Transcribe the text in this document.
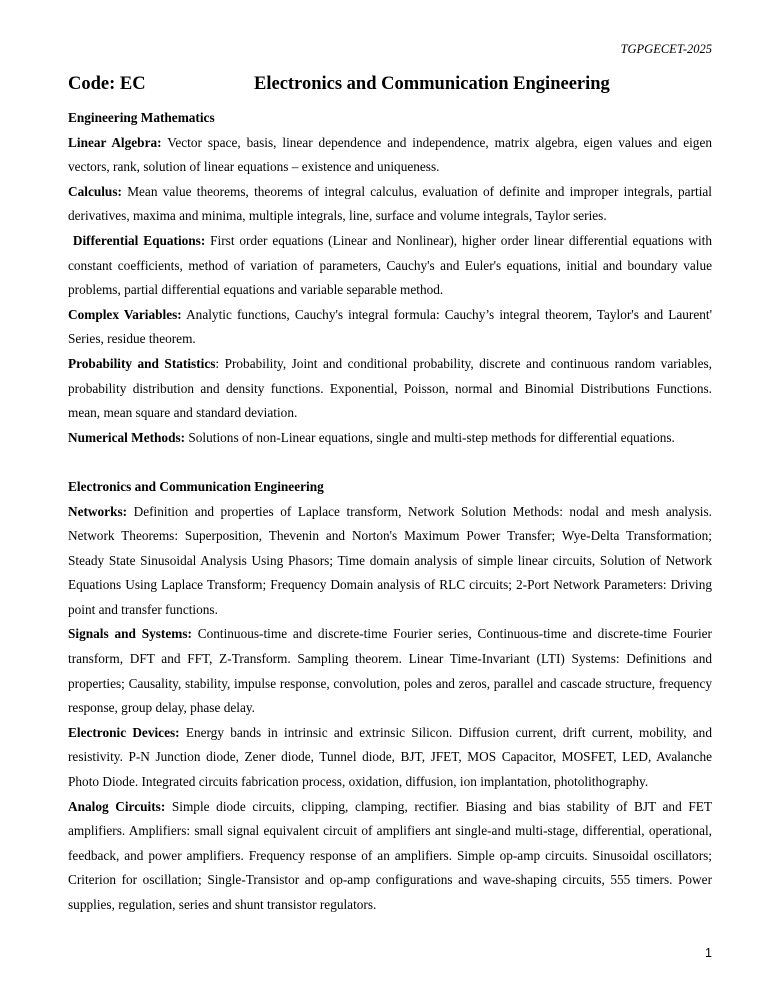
TGPGECET-2025
Code: EC	Electronics and Communication Engineering

Engineering Mathematics

Linear Algebra: Vector space, basis, linear dependence and independence, matrix algebra, eigen values and eigen vectors, rank, solution of linear equations – existence and uniqueness.

Calculus: Mean value theorems, theorems of integral calculus, evaluation of definite and improper integrals, partial derivatives, maxima and minima, multiple integrals, line, surface and volume integrals, Taylor series.

Differential Equations: First order equations (Linear and Nonlinear), higher order linear differential equations with constant coefficients, method of variation of parameters, Cauchy's and Euler's equations, initial and boundary value problems, partial differential equations and variable separable method.

Complex Variables: Analytic functions, Cauchy's integral formula: Cauchy’s integral theorem, Taylor's and Laurent' Series, residue theorem.

Probability and Statistics: Probability, Joint and conditional probability, discrete and continuous random variables, probability distribution and density functions. Exponential, Poisson, normal and Binomial Distributions Functions. mean, mean square and standard deviation.

Numerical Methods: Solutions of non-Linear equations, single and multi-step methods for differential equations.

Electronics and Communication Engineering

Networks: Definition and properties of Laplace transform, Network Solution Methods: nodal and mesh analysis. Network Theorems: Superposition, Thevenin and Norton's Maximum Power Transfer; Wye-Delta Transformation; Steady State Sinusoidal Analysis Using Phasors; Time domain analysis of simple linear circuits, Solution of Network Equations Using Laplace Transform; Frequency Domain analysis of RLC circuits; 2-Port Network Parameters: Driving point and transfer functions.

Signals and Systems: Continuous-time and discrete-time Fourier series, Continuous-time and discrete-time Fourier transform, DFT and FFT, Z-Transform. Sampling theorem. Linear Time-Invariant (LTI) Systems: Definitions and properties; Causality, stability, impulse response, convolution, poles and zeros, parallel and cascade structure, frequency response, group delay, phase delay.

Electronic Devices: Energy bands in intrinsic and extrinsic Silicon. Diffusion current, drift current, mobility, and resistivity. P-N Junction diode, Zener diode, Tunnel diode, BJT, JFET, MOS Capacitor, MOSFET, LED, Avalanche Photo Diode. Integrated circuits fabrication process, oxidation, diffusion, ion implantation, photolithography.

Analog Circuits: Simple diode circuits, clipping, clamping, rectifier. Biasing and bias stability of BJT and FET amplifiers. Amplifiers: small signal equivalent circuit of amplifiers ant single-and multi-stage, differential, operational, feedback, and power amplifiers. Frequency response of an amplifiers. Simple op-amp circuits. Sinusoidal oscillators; Criterion for oscillation; Single-Transistor and op-amp configurations and wave-shaping circuits, 555 timers. Power supplies, regulation, series and shunt transistor regulators.

1
